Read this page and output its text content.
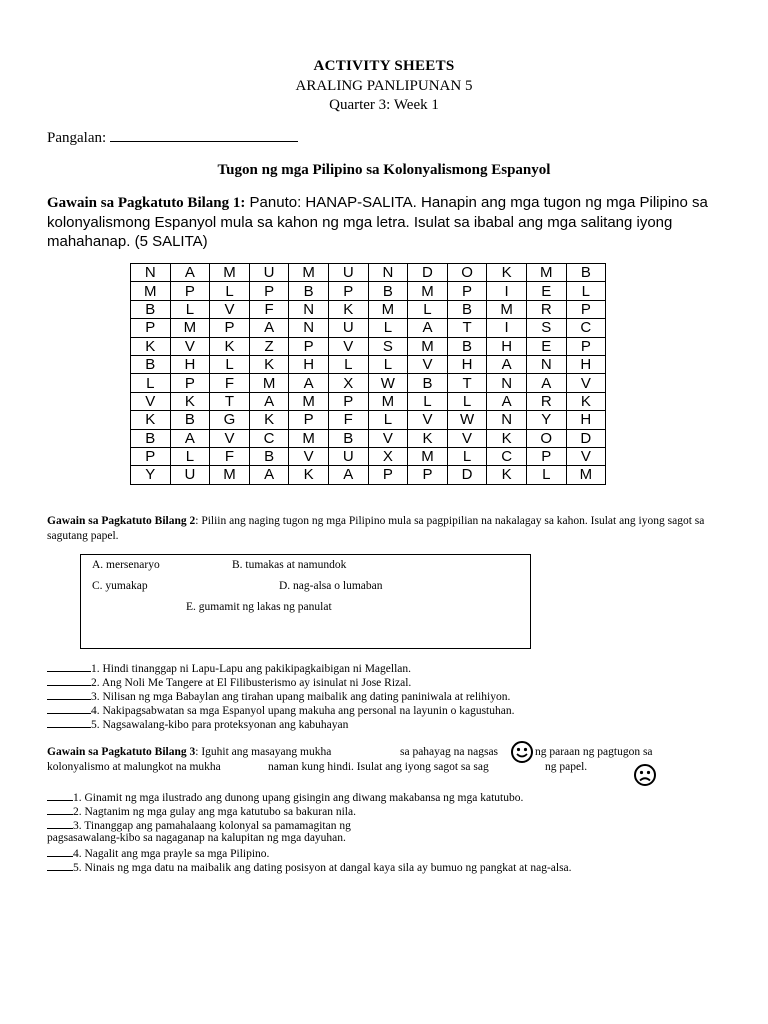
ACTIVITY SHEETS
ARALING PANLIPUNAN 5
Quarter 3: Week 1
Pangalan:
Tugon ng mga Pilipino sa Kolonyalismong Espanyol
Gawain sa Pagkatuto Bilang 1: Panuto: HANAP-SALITA. Hanapin ang mga tugon ng mga Pilipino sa kolonyalismong Espanyol mula sa kahon ng mga letra. Isulat sa ibabal ang mga salitang iyong mahahanap. (5 SALITA)
N	A	M	U	M	U	N	D	O	K	M	B
M	P	L	P	B	P	B	M	P	I	E	L
B	L	V	F	N	K	M	L	B	M	R	P
P	M	P	A	N	U	L	A	T	I	S	C
K	V	K	Z	P	V	S	M	B	H	E	P
B	H	L	K	H	L	L	V	H	A	N	H
L	P	F	M	A	X	W	B	T	N	A	V
V	K	T	A	M	P	M	L	L	A	R	K
K	B	G	K	P	F	L	V	W	N	Y	H
B	A	V	C	M	B	V	K	V	K	O	D
P	L	F	B	V	U	X	M	L	C	P	V
Y	U	M	A	K	A	P	P	D	K	L	M
Gawain sa Pagkatuto Bilang 2: Piliin ang naging tugon ng mga Pilipino mula sa pagpipilian na nakalagay sa kahon. Isulat ang iyong sagot sa sagutang papel.
A. mersenaryo	B. tumakas at namundok
C. yumakap	D. nag-alsa o lumaban
E. gumamit ng lakas ng panulat
1. Hindi tinanggap ni Lapu-Lapu ang pakikipagkaibigan ni Magellan.
2. Ang Noli Me Tangere at El Filibusterismo ay isinulat ni Jose Rizal.
3. Nilisan ng mga Babaylan ang tirahan upang maibalik ang dating paniniwala at relihiyon.
4. Nakipagsabwatan sa mga Espanyol upang makuha ang personal na layunin o kagustuhan.
5. Nagsawalang-kibo para proteksyonan ang kabuhayan
Gawain sa Pagkatuto Bilang 3: Iguhit ang masayang mukha	sa pahayag na nagsas	ng paraan ng pagtugon sa
kolonyalismo at malungkot na mukha	naman kung hindi. Isulat ang iyong sagot sa sag	ng papel.
1. Ginamit ng mga ilustrado ang dunong upang gisingin ang diwang makabansa ng mga katutubo.
2. Nagtanim ng mga gulay ang mga katutubo sa bakuran nila.
3. Tinanggap ang pamahalaang kolonyal sa pamamagitan ng
pagsasawalang-kibo sa nagaganap na kalupitan ng mga dayuhan.
4. Nagalit ang mga prayle sa mga Pilipino.
5. Ninais ng mga datu na maibalik ang dating posisyon at dangal kaya sila ay bumuo ng pangkat at nag-alsa.
